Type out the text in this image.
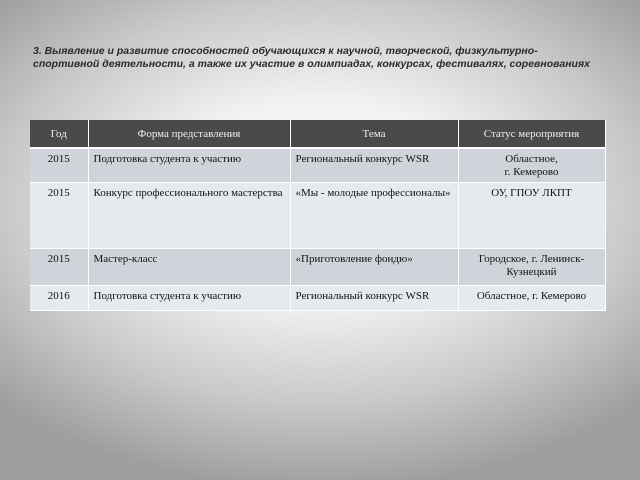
3. Выявление и развитие способностей обучающихся к научной, творческой, физкультурно-спортивной деятельности, а также их участие в олимпиадах, конкурсах, фестивалях, соревнованиях
Год	Форма представления	Тема	Статус мероприятия
2015	Подготовка студента к участию	Региональный конкурс WSR	Областное,
г. Кемерово
2015	Конкурс профессионального мастерства	«Мы - молодые профессионалы»	ОУ, ГПОУ ЛКПТ
2015	Мастер-класс	«Приготовление фондю»	Городское, г. Ленинск-Кузнецкий
2016	Подготовка студента к участию	Региональный конкурс WSR	Областное, г. Кемерово
